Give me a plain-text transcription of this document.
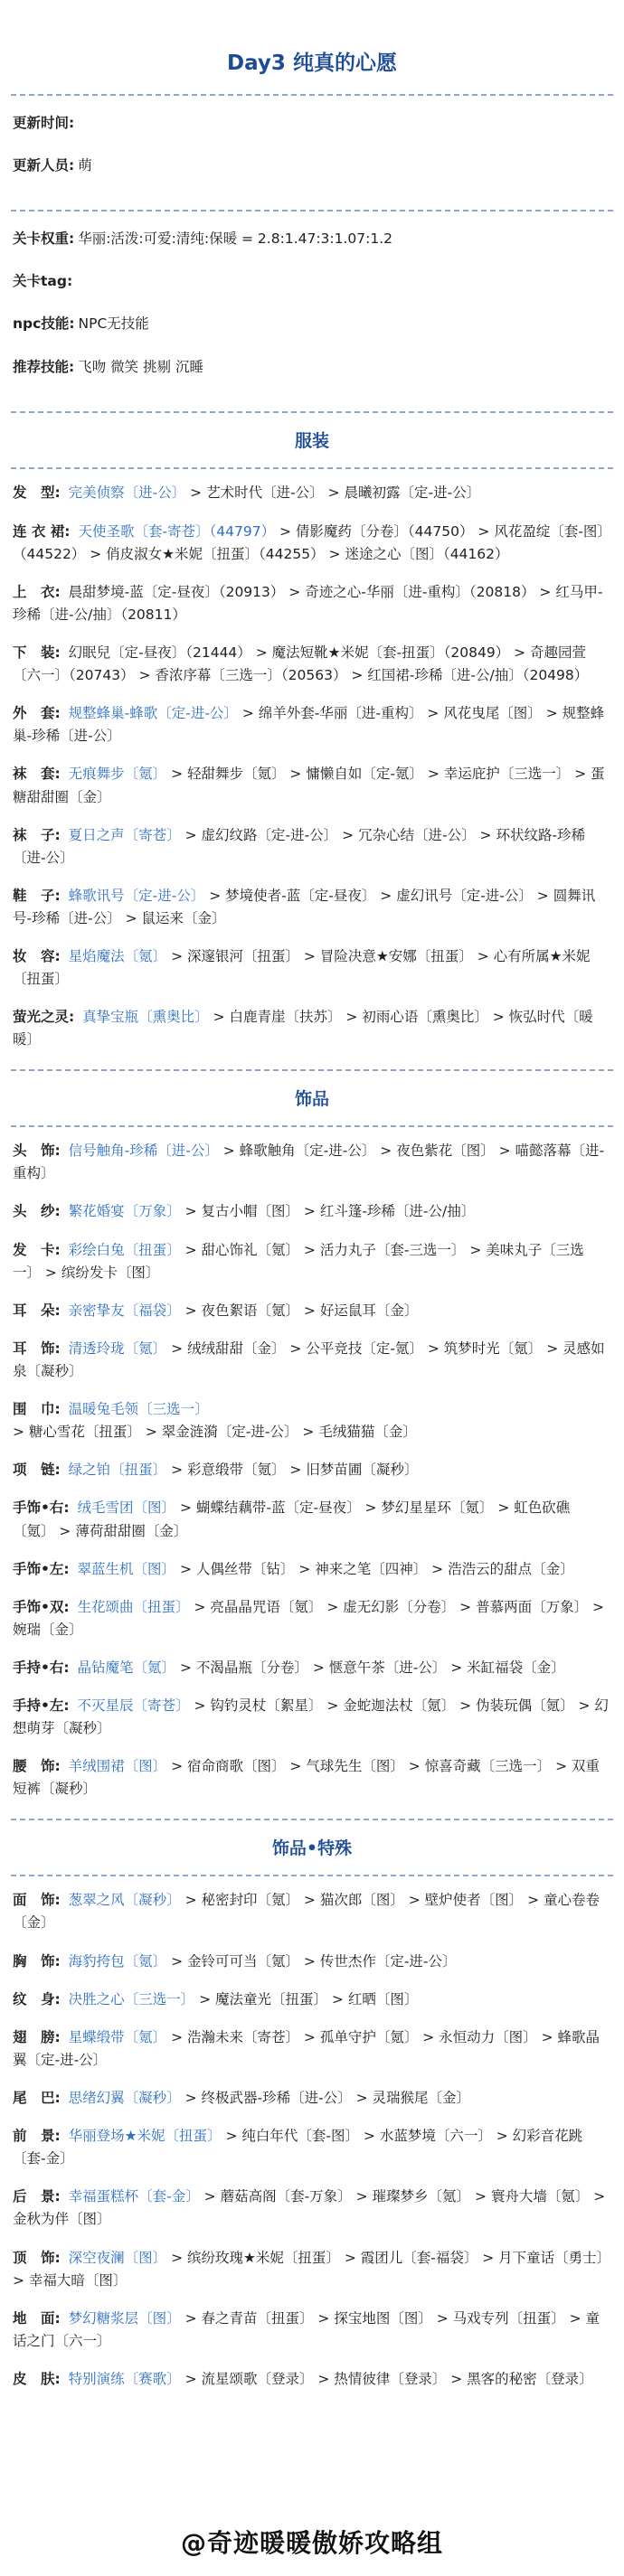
Day3 纯真的心愿
更新时间:
更新人员: 萌
关卡权重: 华丽:活泼:可爱:清纯:保暖 = 2.8:1.47:3:1.07:1.2
关卡tag:
npc技能: NPC无技能
推荐技能: 飞吻 微笑 挑剔 沉睡
服装
发　型: 完美侦察〔进-公〕 > 艺术时代〔进-公〕 > 晨曦初露〔定-进-公〕
连 衣 裙: 天使圣歌〔套-寄苍〕（44797） > 倩影魔药〔分卷〕（44750） > 风花盈绽〔套-图〕（44522） > 俏皮淑女★米妮〔扭蛋〕（44255） > 迷途之心〔图〕（44162）
上　衣: 晨甜梦境-蓝〔定-昼夜〕（20913） > 奇迹之心-华丽〔进-重构〕（20818） > 红马甲-珍稀〔进-公/抽〕（20811）
下　装: 幻眠兒〔定-昼夜〕（21444） > 魔法短靴★米妮〔套-扭蛋〕（20849） > 奇趣园萱〔六一〕（20743） > 香浓序幕〔三选一〕（20563） > 红国裙-珍稀〔进-公/抽〕（20498）
外　套: 规整蜂巢-蜂歌〔定-进-公〕 > 绵羊外套-华丽〔进-重构〕 > 风花曳尾〔图〕 > 规整蜂巢-珍稀〔进-公〕
袜　套: 无痕舞步〔氪〕 > 轻甜舞步〔氪〕 > 慵懒自如〔定-氪〕 > 幸运庇护〔三选一〕 > 蛋糖甜甜圈〔金〕
袜　子: 夏日之声〔寄苍〕 > 虚幻纹路〔定-进-公〕 > 冗杂心结〔进-公〕 > 环状纹路-珍稀〔进-公〕
鞋　子: 蜂歌讯号〔定-进-公〕 > 梦境使者-蓝〔定-昼夜〕 > 虚幻讯号〔定-进-公〕 > 圆舞讯号-珍稀〔进-公〕 > 鼠运来〔金〕
妆　容: 星焰魔法〔氪〕 > 深邃银河〔扭蛋〕 > 冒险决意★安娜〔扭蛋〕 > 心有所属★米妮〔扭蛋〕
萤光之灵: 真挚宝瓶〔熏奥比〕 > 白鹿青崖〔扶苏〕 > 初雨心语〔熏奥比〕 > 恢弘时代〔暖暖〕
饰品
头　饰: 信号触角-珍稀〔进-公〕 > 蜂歌触角〔定-进-公〕 > 夜色紫花〔图〕 > 喵懿落幕〔进-重构〕
头　纱: 繁花婚宴〔万象〕 > 复古小帽〔图〕 > 红斗篷-珍稀〔进-公/抽〕
发　卡: 彩绘白兔〔扭蛋〕 > 甜心饰礼〔氪〕 > 活力丸子〔套-三选一〕 > 美味丸子〔三选一〕 > 缤纷发卡〔图〕
耳　朵: 亲密挚友〔福袋〕 > 夜色絮语〔氪〕 > 好运鼠耳〔金〕
耳　饰: 清透玲珑〔氪〕 > 绒绒甜甜〔金〕 > 公平竞技〔定-氪〕 > 筑梦时光〔氪〕 > 灵感如泉〔凝秒〕
围　巾: 温暖兔毛领〔三选一〕 > 糖心雪花〔扭蛋〕 > 翠金涟漪〔定-进-公〕 > 毛绒猫猫〔金〕
项　链: 绿之铂〔扭蛋〕 > 彩意缎带〔氪〕 > 旧梦苗圃〔凝秒〕
手饰•右: 绒毛雪团〔图〕 > 蝴蝶结藕带-蓝〔定-昼夜〕 > 梦幻星星环〔氪〕 > 虹色砍礁〔氪〕 > 薄荷甜甜圈〔金〕
手饰•左: 翠蓝生机〔图〕 > 人偶丝带〔钻〕 > 神来之笔〔四神〕 > 浩浩云的甜点〔金〕
手饰•双: 生花颂曲〔扭蛋〕 > 亮晶晶咒语〔氪〕 > 虚无幻影〔分卷〕 > 普慕两面〔万象〕 > 婉瑞〔金〕
手持•右: 晶钻魔笔〔氪〕 > 不渴晶瓶〔分卷〕 > 惬意午茶〔进-公〕 > 米缸福袋〔金〕
手持•左: 不灭星辰〔寄苍〕 > 钩钓灵杖〔絮星〕 > 金蛇迦法杖〔氪〕 > 伪装玩偶〔氪〕 > 幻想萌芽〔凝秒〕
腰　饰: 羊绒围裙〔图〕 > 宿命商歌〔图〕 > 气球先生〔图〕 > 惊喜奇藏〔三选一〕 > 双重短裤〔凝秒〕
饰品•特殊
面　饰: 葱翠之风〔凝秒〕 > 秘密封印〔氪〕 > 猫次郎〔图〕 > 壁炉使者〔图〕 > 童心卷卷〔金〕
胸　饰: 海豹挎包〔氪〕 > 金铃可可当〔氪〕 > 传世杰作〔定-进-公〕
纹　身: 决胜之心〔三选一〕 > 魔法童光〔扭蛋〕 > 红晒〔图〕
翅　膀: 星蝶缎带〔氪〕 > 浩瀚未来〔寄苍〕 > 孤单守护〔氪〕 > 永恒动力〔图〕 > 蜂歌晶翼〔定-进-公〕
尾　巴: 思绪幻翼〔凝秒〕 > 终极武器-珍稀〔进-公〕 > 灵瑞猴尾〔金〕
前　景: 华丽登场★米妮〔扭蛋〕 > 纯白年代〔套-图〕 > 水蓝梦境〔六一〕 > 幻彩音花跳〔套-金〕
后　景: 幸福蛋糕杯〔套-金〕 > 蘑菇高阁〔套-万象〕 > 璀璨梦乡〔氪〕 > 寰舟大墙〔氪〕 > 金秋为伴〔图〕
顶　饰: 深空夜澜〔图〕 > 缤纷玫瑰★米妮〔扭蛋〕 > 霞团儿〔套-福袋〕 > 月下童话〔勇士〕 > 幸福大暗〔图〕
地　面: 梦幻糖浆层〔图〕 > 春之青苗〔扭蛋〕 > 探宝地图〔图〕 > 马戏专列〔扭蛋〕 > 童话之门〔六一〕
皮　肤: 特别演练〔赛歌〕 > 流星颂歌〔登录〕 > 热情彼律〔登录〕 > 黑客的秘密〔登录〕
@奇迹暖暖傲娇攻略组
